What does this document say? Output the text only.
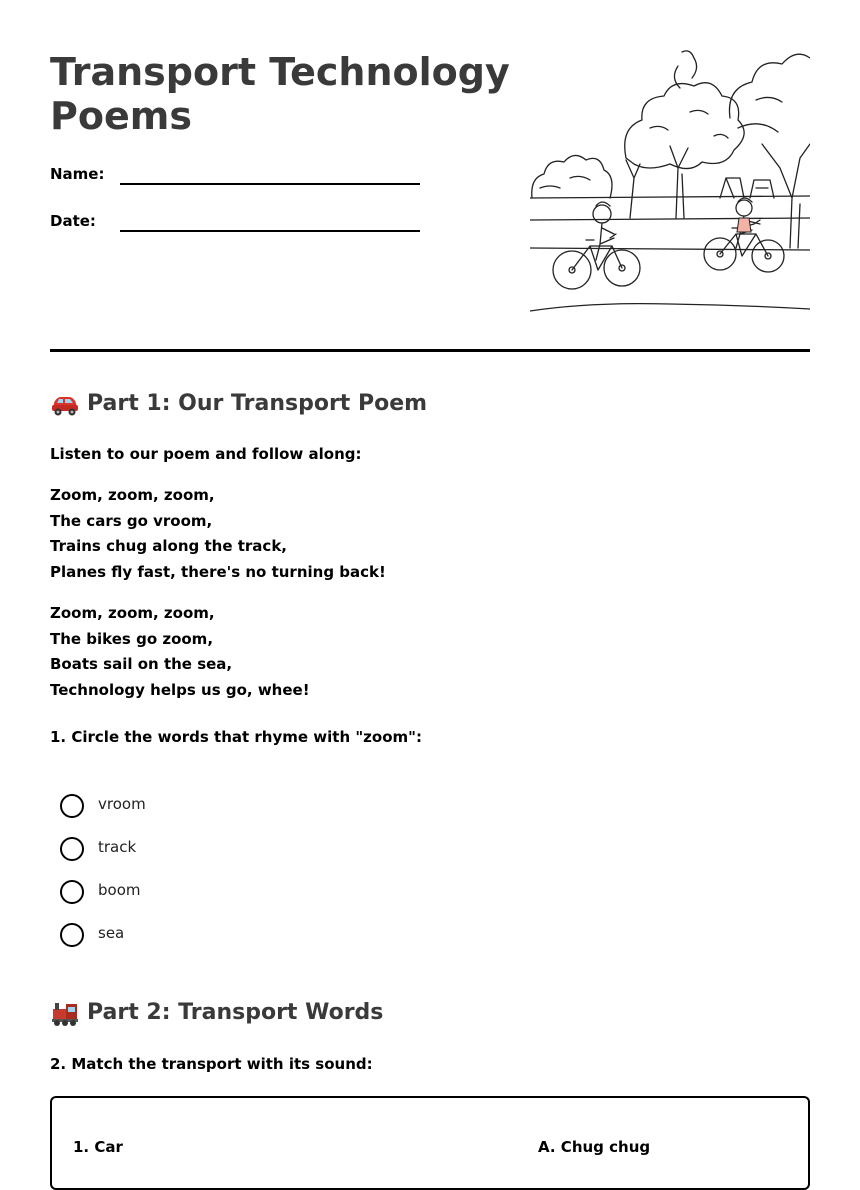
Transport Technology
Poems
Name:
Date:
Part 1: Our Transport Poem
Listen to our poem and follow along:
Zoom, zoom, zoom,
The cars go vroom,
Trains chug along the track,
Planes fly fast, there's no turning back!
Zoom, zoom, zoom,
The bikes go zoom,
Boats sail on the sea,
Technology helps us go, whee!
1. Circle the words that rhyme with "zoom":
vroom
track
boom
sea
Part 2: Transport Words
2. Match the transport with its sound:
1. Car	A. Chug chug
